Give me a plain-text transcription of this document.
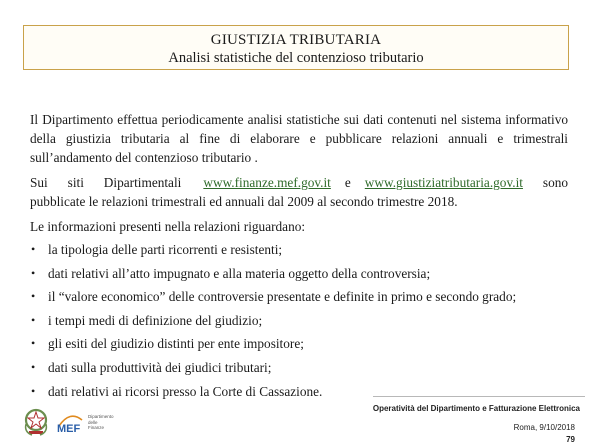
GIUSTIZIA TRIBUTARIA
Analisi statistiche del contenzioso tributario

Il Dipartimento effettua periodicamente analisi statistiche sui dati contenuti nel sistema informativo della giustizia tributaria al fine di elaborare e pubblicare relazioni annuali e trimestrali sull’andamento del contenzioso tributario .

Sui siti Dipartimentali www.finanze.mef.gov.it e www.giustiziatributaria.gov.it sono pubblicate le relazioni trimestrali ed annuali dal 2009 al secondo trimestre 2018.

Le informazioni presenti nella relazioni riguardano:

• la tipologia delle parti ricorrenti e resistenti;
• dati relativi all’atto impugnato e alla materia oggetto della controversia;
• il “valore economico” delle controversie presentate e definite in primo e secondo grado;
• i tempi medi di definizione del giudizio;
• gli esiti del giudizio distinti per ente impositore;
• dati sulla produttività dei giudici tributari;
• dati relativi ai ricorsi presso la Corte di Cassazione.
MEF
Dipartimento delle Finanze
Operatività del Dipartimento e Fatturazione Elettronica
Roma, 9/10/2018
79
